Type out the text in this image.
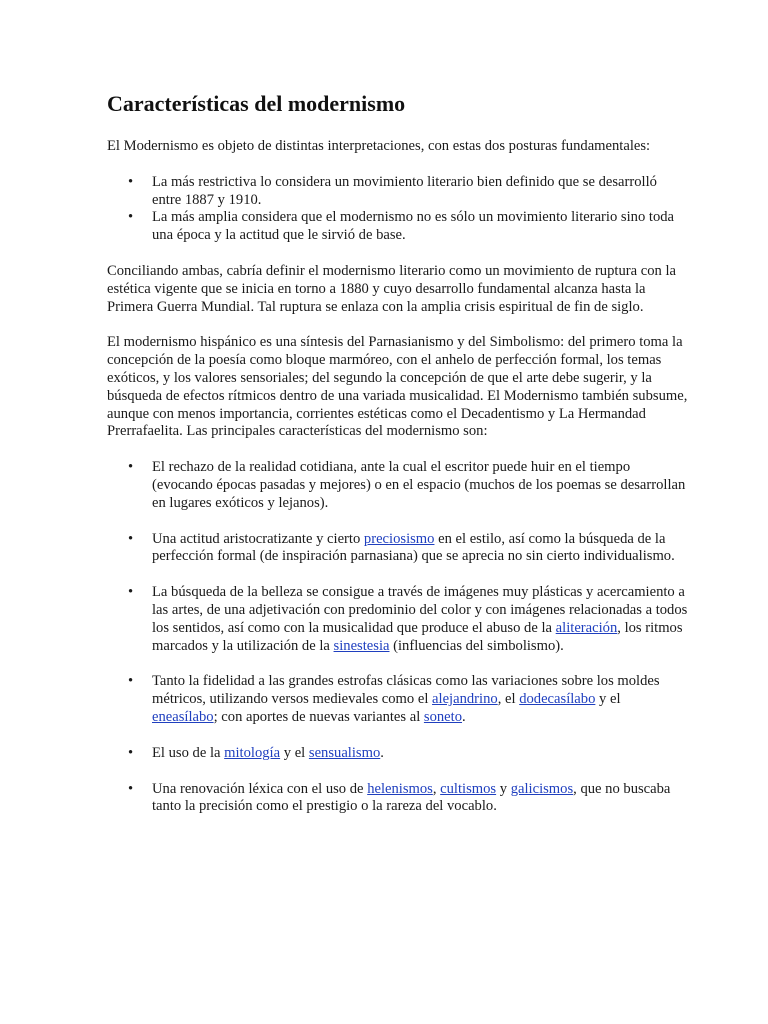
Características del modernismo

El Modernismo es objeto de distintas interpretaciones, con estas dos posturas fundamentales:

• La más restrictiva lo considera un movimiento literario bien definido que se desarrolló entre 1887 y 1910.
• La más amplia considera que el modernismo no es sólo un movimiento literario sino toda una época y la actitud que le sirvió de base.

Conciliando ambas, cabría definir el modernismo literario como un movimiento de ruptura con la estética vigente que se inicia en torno a 1880 y cuyo desarrollo fundamental alcanza hasta la Primera Guerra Mundial. Tal ruptura se enlaza con la amplia crisis espiritual de fin de siglo.

El modernismo hispánico es una síntesis del Parnasianismo y del Simbolismo: del primero toma la concepción de la poesía como bloque marmóreo, con el anhelo de perfección formal, los temas exóticos, y los valores sensoriales; del segundo la concepción de que el arte debe sugerir, y la búsqueda de efectos rítmicos dentro de una variada musicalidad. El Modernismo también subsume, aunque con menos importancia, corrientes estéticas como el Decadentismo y La Hermandad Prerrafaelita. Las principales características del modernismo son:

• El rechazo de la realidad cotidiana, ante la cual el escritor puede huir en el tiempo (evocando épocas pasadas y mejores) o en el espacio (muchos de los poemas se desarrollan en lugares exóticos y lejanos).
• Una actitud aristocratizante y cierto preciosismo en el estilo, así como la búsqueda de la perfección formal (de inspiración parnasiana) que se aprecia no sin cierto individualismo.
• La búsqueda de la belleza se consigue a través de imágenes muy plásticas y acercamiento a las artes, de una adjetivación con predominio del color y con imágenes relacionadas a todos los sentidos, así como con la musicalidad que produce el abuso de la aliteración, los ritmos marcados y la utilización de la sinestesia (influencias del simbolismo).
• Tanto la fidelidad a las grandes estrofas clásicas como las variaciones sobre los moldes métricos, utilizando versos medievales como el alejandrino, el dodecasílabo y el eneasílabo; con aportes de nuevas variantes al soneto.
• El uso de la mitología y el sensualismo.
• Una renovación léxica con el uso de helenismos, cultismos y galicismos, que no buscaba tanto la precisión como el prestigio o la rareza del vocablo.
